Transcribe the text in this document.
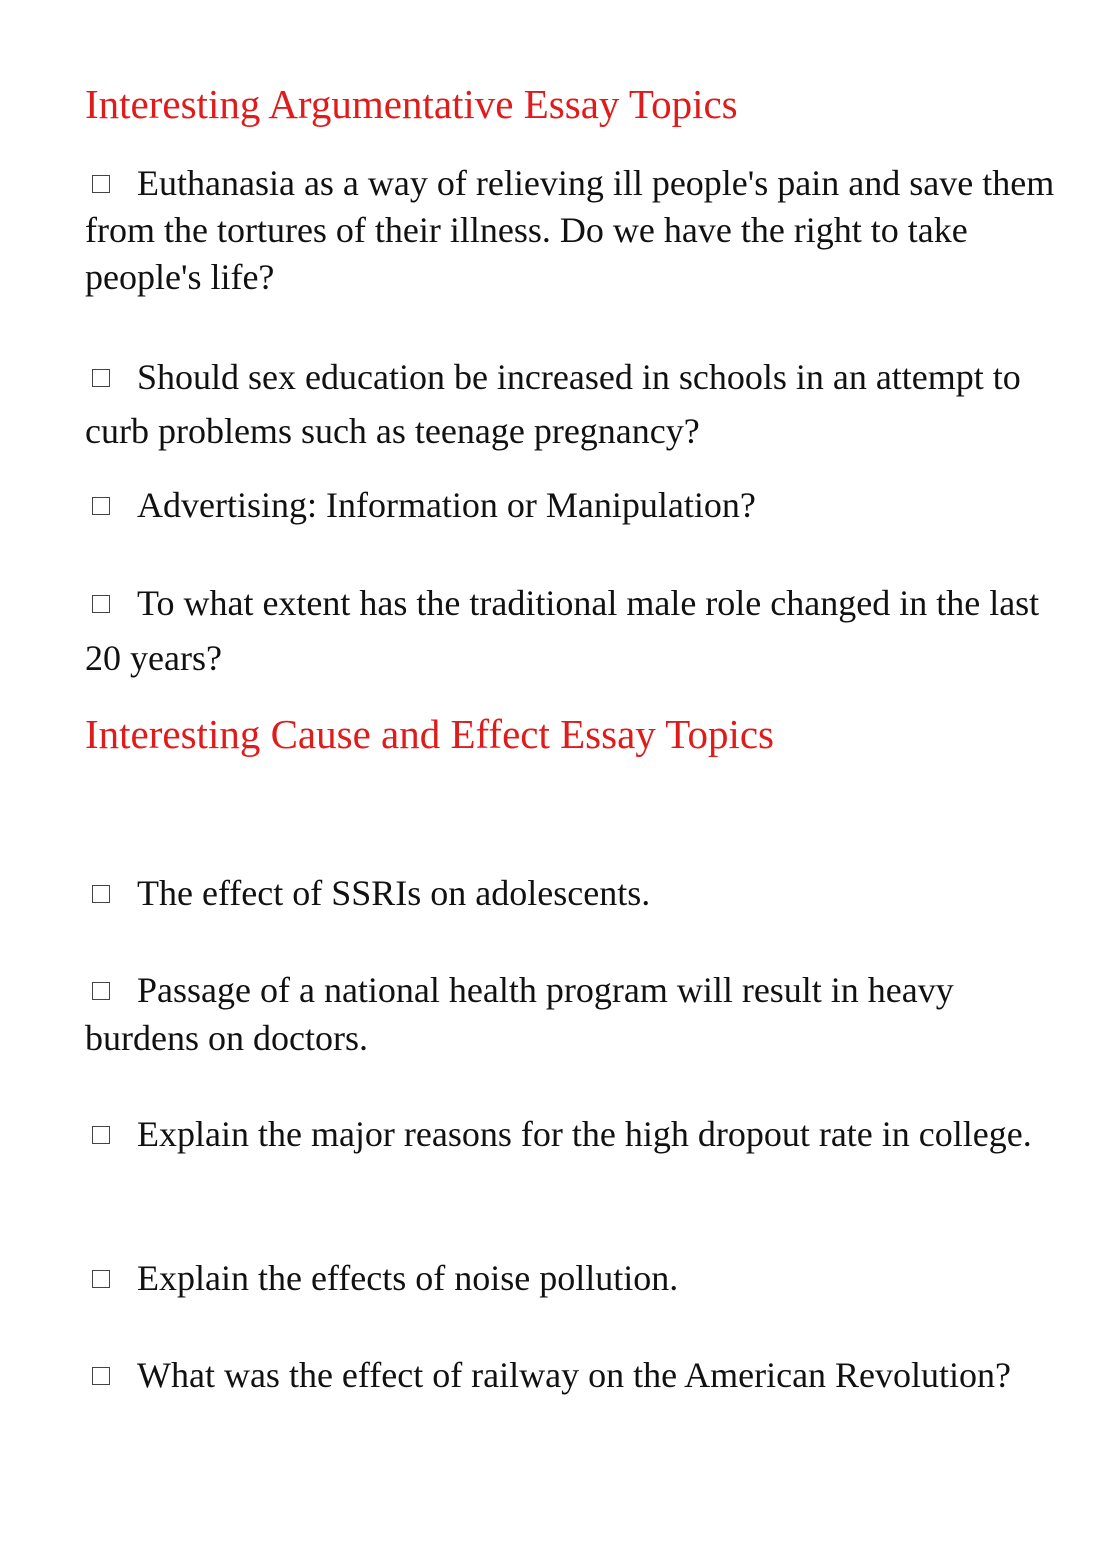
Interesting Argumentative Essay Topics
Euthanasia as a way of relieving ill people's pain and save them from the tortures of their illness. Do we have the right to take people's life?
Should sex education be increased in schools in an attempt to curb problems such as teenage pregnancy?
Advertising: Information or Manipulation?
To what extent has the traditional male role changed in the last 20 years?
Interesting Cause and Effect Essay Topics
The effect of SSRIs on adolescents.
Passage of a national health program will result in heavy burdens on doctors.
Explain the major reasons for the high dropout rate in college.
Explain the effects of noise pollution.
What was the effect of railway on the American Revolution?
